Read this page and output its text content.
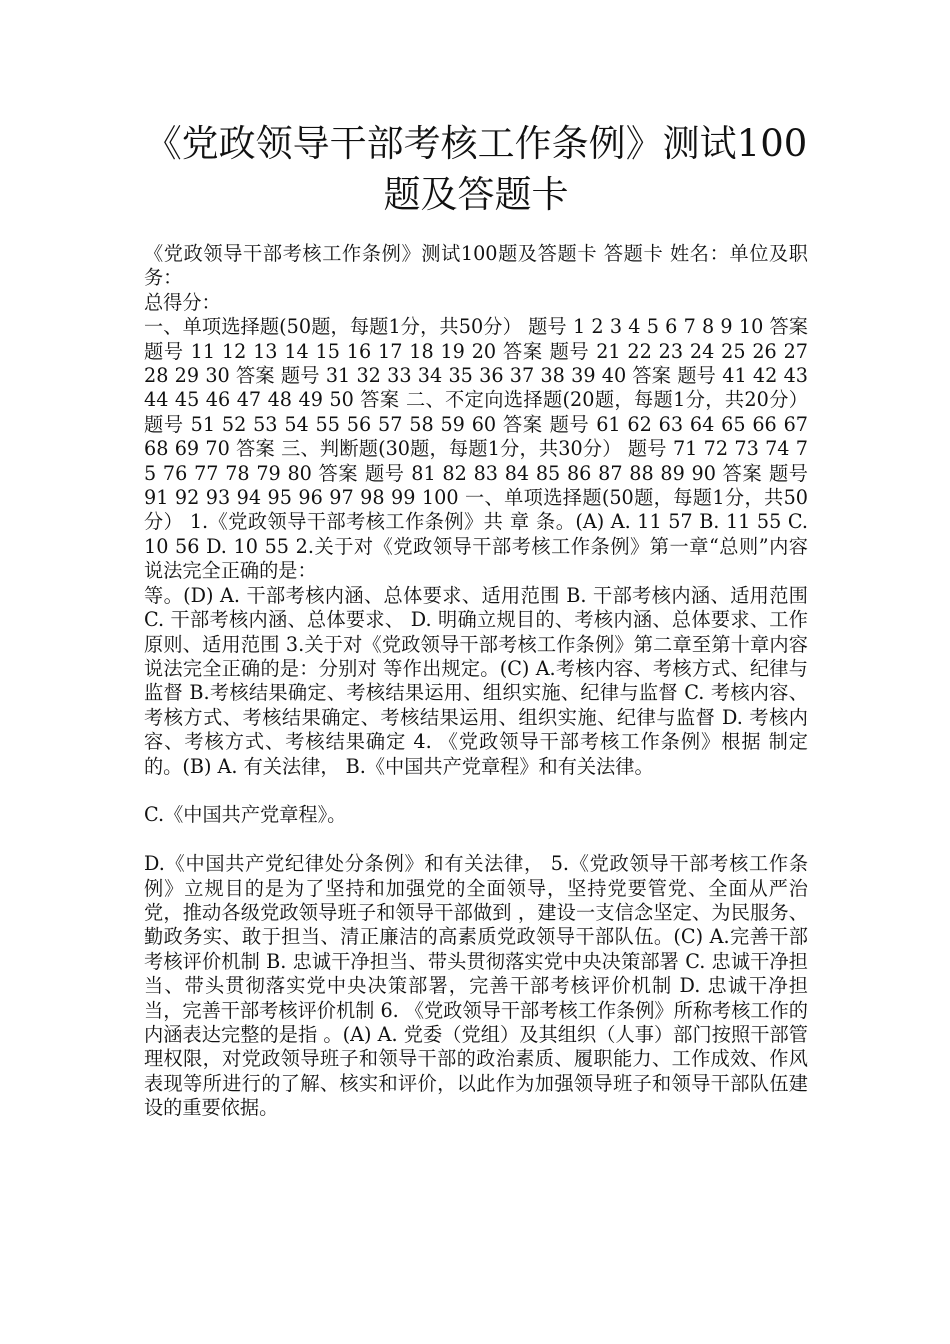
《党政领导干部考核工作条例》测试100题及答题卡

《党政领导干部考核工作条例》测试100题及答题卡 答题卡 姓名：单位及职务：

总得分：

一、单项选择题(50题，每题1分，共50分） 题号 1 2 3 4 5 6 7 8 9 10 答案 题号 11 12 13 14 15 16 17 18 19 20 答案 题号 21 22 23 24 25 26 27 28 29 30 答案 题号 31 32 33 34 35 36 37 38 39 40 答案 题号 41 42 43 44 45 46 47 48 49 50 答案 二、不定向选择题(20题，每题1分，共20分） 题号 51 52 53 54 55 56 57 58 59 60 答案 题号 61 62 63 64 65 66 67 68 69 70 答案 三、判断题(30题，每题1分，共30分） 题号 71 72 73 74 75 76 77 78 79 80 答案 题号 81 82 83 84 85 86 87 88 89 90 答案 题号 91 92 93 94 95 96 97 98 99 100 一、单项选择题(50题，每题1分，共50分） 1.《党政领导干部考核工作条例》共 章 条。(A) A. 11 57 B. 11 55 C. 10 56 D. 10 55 2.关于对《党政领导干部考核工作条例》第一章“总则”内容说法完全正确的是：

等。(D) A. 干部考核内涵、总体要求、适用范围 B. 干部考核内涵、适用范围 C. 干部考核内涵、总体要求、 D. 明确立规目的、考核内涵、总体要求、工作原则、适用范围 3.关于对《党政领导干部考核工作条例》第二章至第十章内容说法完全正确的是：分别对 等作出规定。(C) A.考核内容、考核方式、纪律与监督 B.考核结果确定、考核结果运用、组织实施、纪律与监督 C. 考核内容、考核方式、考核结果确定、考核结果运用、组织实施、纪律与监督 D. 考核内容、考核方式、考核结果确定 4. 《党政领导干部考核工作条例》根据 制定的。(B) A. 有关法律， B.《中国共产党章程》和有关法律。

C.《中国共产党章程》。

D.《中国共产党纪律处分条例》和有关法律， 5.《党政领导干部考核工作条例》立规目的是为了坚持和加强党的全面领导，坚持党要管党、全面从严治党，推动各级党政领导班子和领导干部做到 ，建设一支信念坚定、为民服务、勤政务实、敢于担当、清正廉洁的高素质党政领导干部队伍。(C) A.完善干部考核评价机制 B. 忠诚干净担当、带头贯彻落实党中央决策部署 C. 忠诚干净担当、带头贯彻落实党中央决策部署，完善干部考核评价机制 D. 忠诚干净担当，完善干部考核评价机制 6. 《党政领导干部考核工作条例》所称考核工作的内涵表达完整的是指 。(A) A. 党委（党组）及其组织（人事）部门按照干部管理权限，对党政领导班子和领导干部的政治素质、履职能力、工作成效、作风表现等所进行的了解、核实和评价，以此作为加强领导班子和领导干部队伍建设的重要依据。
